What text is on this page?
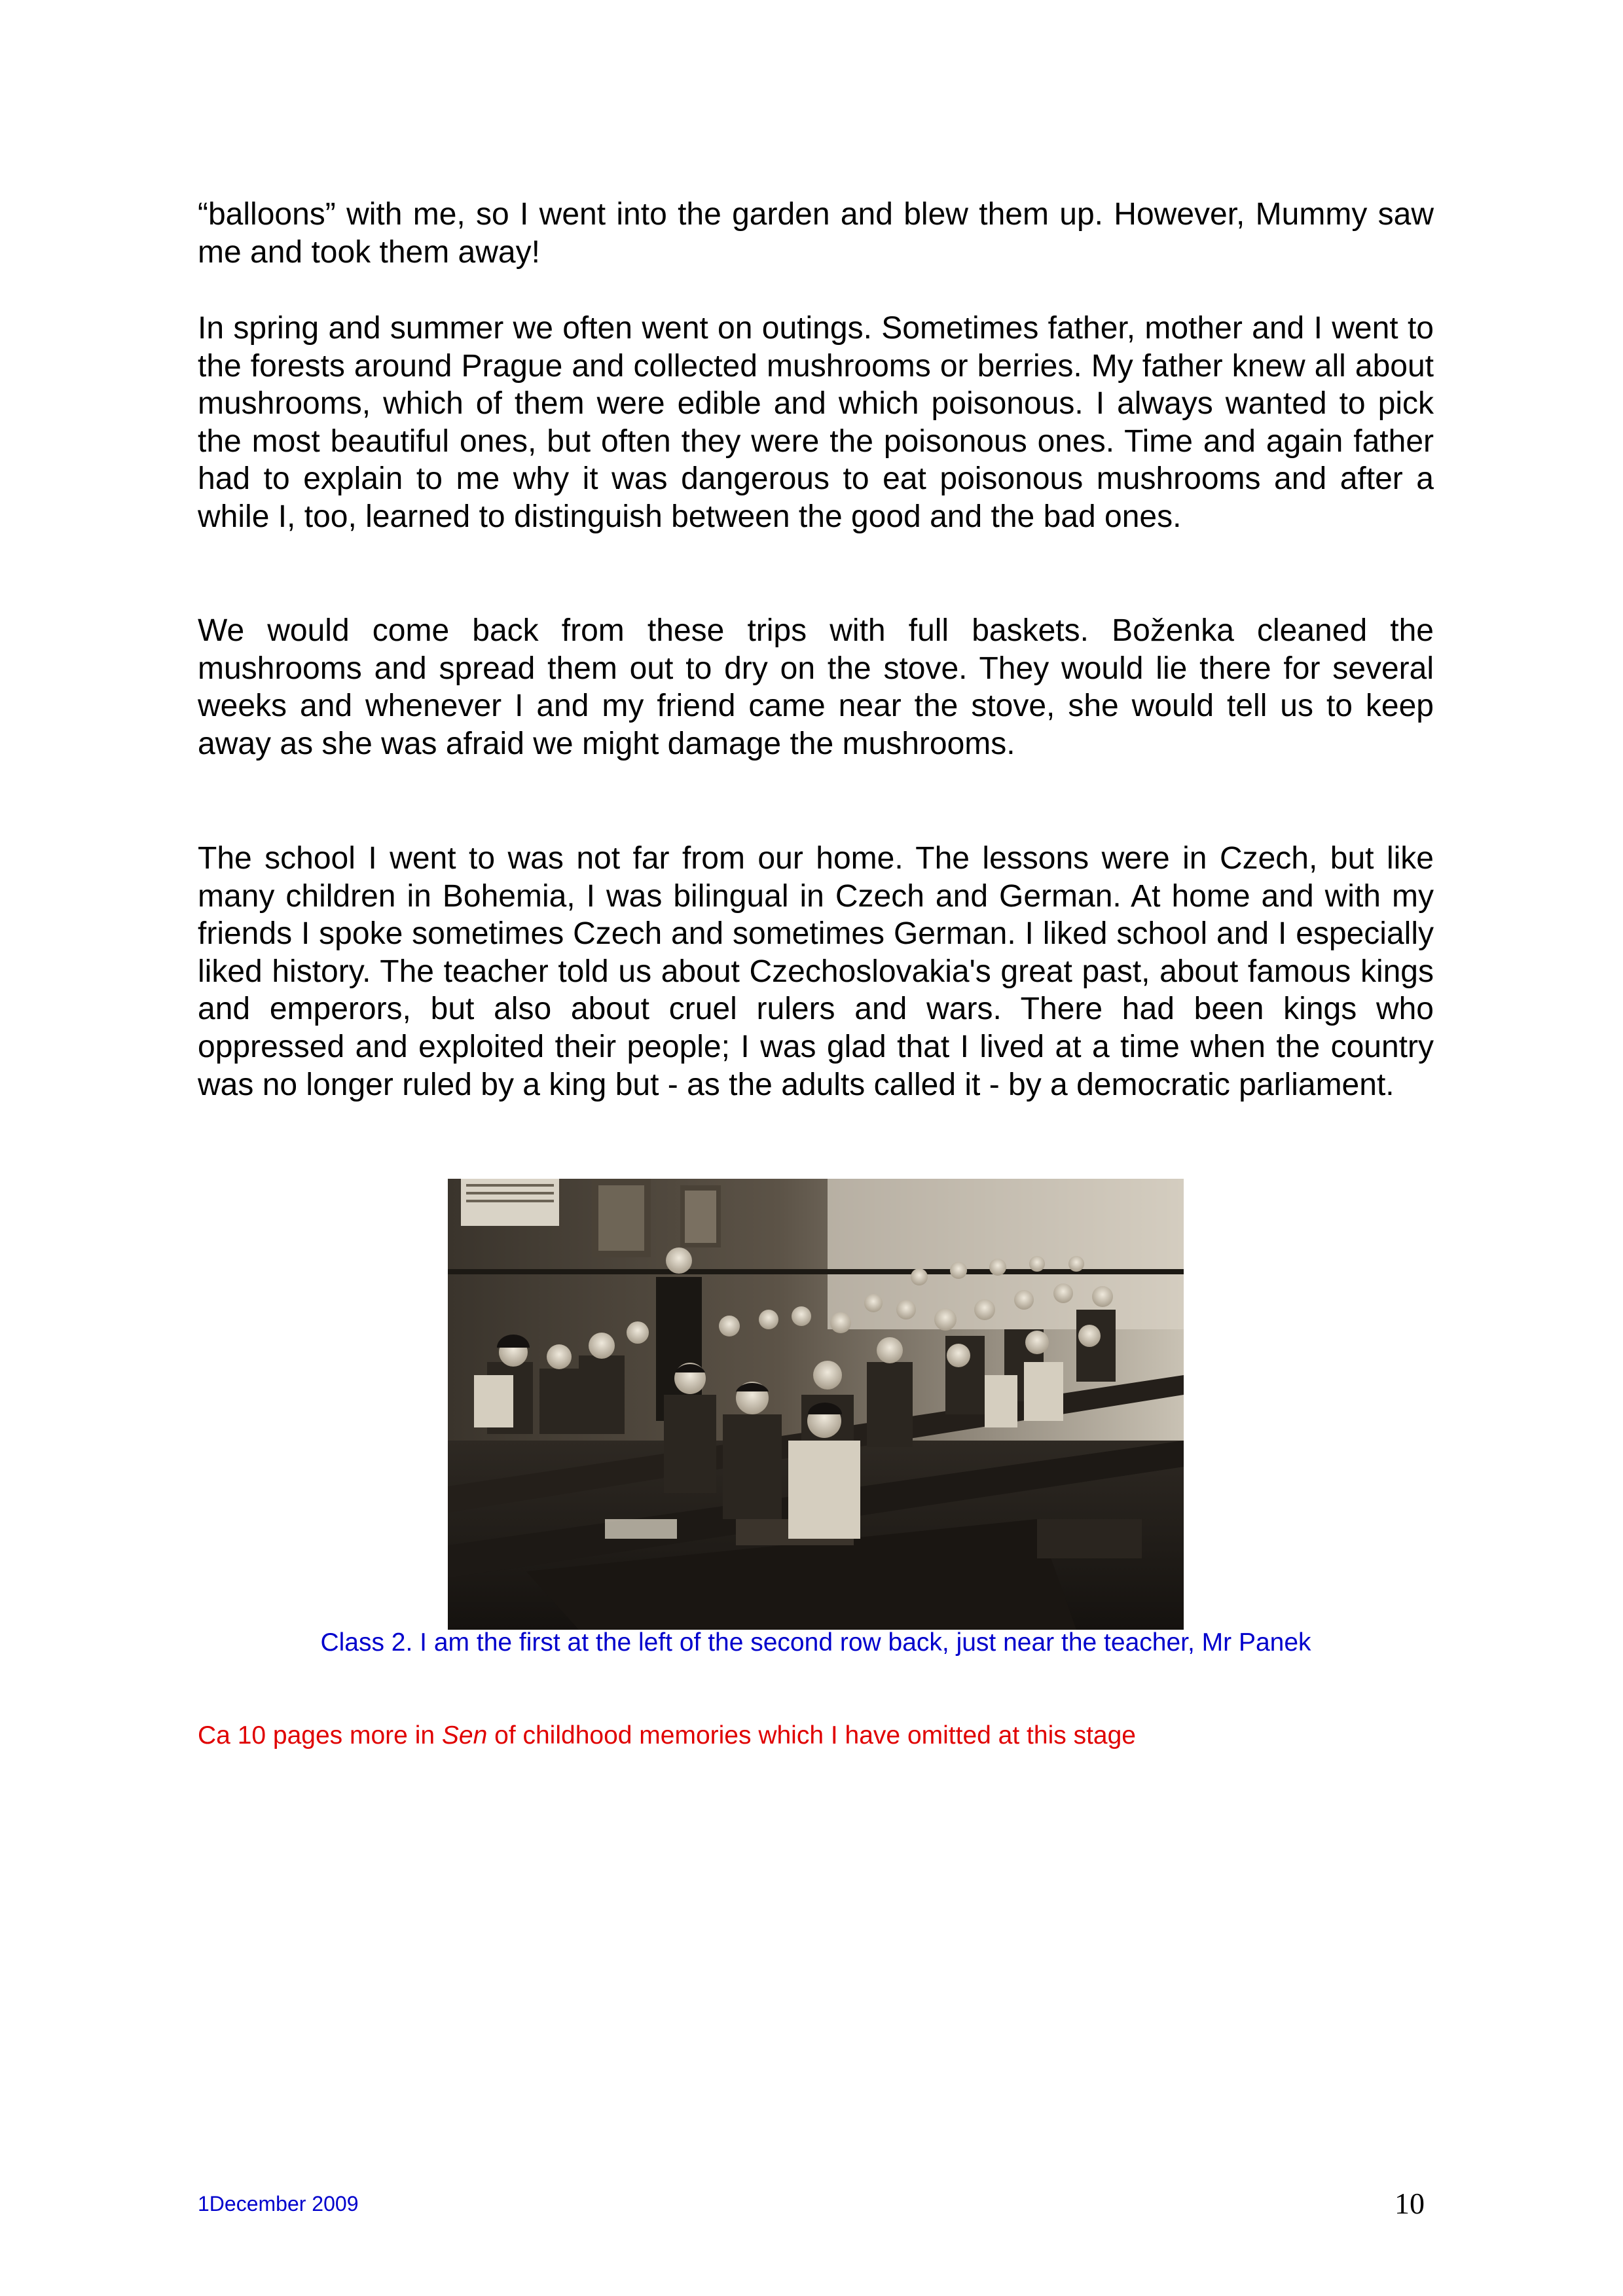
“balloons” with me, so I went into the garden and blew them up. However, Mummy saw me and took them away!

In spring and summer we often went on outings. Sometimes father, mother and I went to the forests around Prague and collected mushrooms or berries. My father knew all about mushrooms, which of them were edible and which poisonous. I always wanted to pick the most beautiful ones, but often they were the poisonous ones. Time and again father had to explain to me why it was dangerous to eat poisonous mushrooms and after a while I, too, learned to distinguish between the good and the bad ones.

We would come back from these trips with full baskets. Boženka cleaned the mushrooms and spread them out to dry on the stove. They would lie there for several weeks and whenever I and my friend came near the stove, she would tell us to keep away as she was afraid we might damage the mushrooms.

The school I went to was not far from our home. The lessons were in Czech, but like many children in Bohemia, I was bilingual in Czech and German. At home and with my friends I spoke sometimes Czech and sometimes German. I liked school and I especially liked history. The teacher told us about Czechoslovakia's great past, about famous kings and emperors, but also about cruel rulers and wars. There had been kings who oppressed and exploited their people; I was glad that I lived at a time when the country was no longer ruled by a king but - as the adults called it - by a democratic parliament.

Class 2. I am the first at the left of the second row back, just near the teacher, Mr Panek

Ca 10 pages more in Sen of childhood memories which I have omitted at this stage

1December 2009	10
